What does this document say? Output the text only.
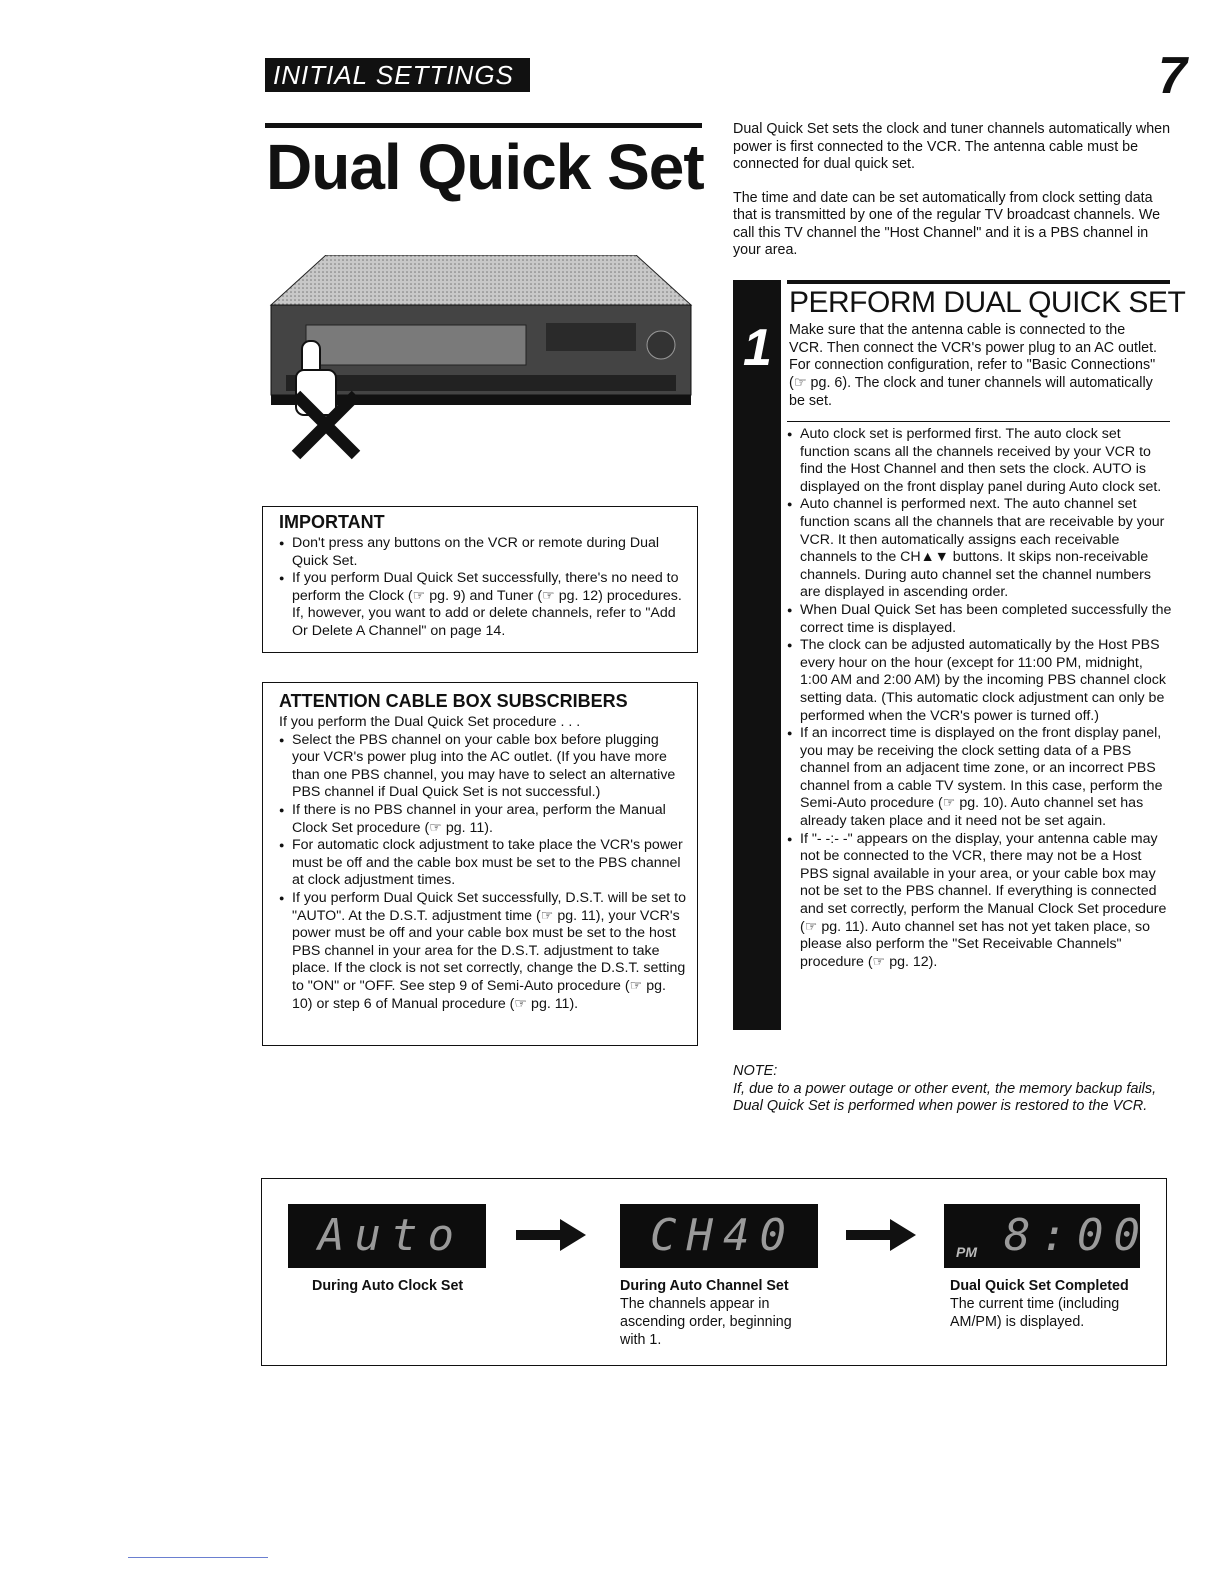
INITIAL SETTINGS	7
Dual Quick Set

Dual Quick Set sets the clock and tuner channels automatically when power is first connected to the VCR. The antenna cable must be connected for dual quick set.

The time and date can be set automatically from clock setting data that is transmitted by one of the regular TV broadcast channels. We call this TV channel the "Host Channel" and it is a PBS channel in your area.

IMPORTANT
● Don't press any buttons on the VCR or remote during Dual Quick Set.
● If you perform Dual Quick Set successfully, there's no need to perform the Clock (☞ pg. 9) and Tuner (☞ pg. 12) procedures. If, however, you want to add or delete channels, refer to "Add Or Delete A Channel" on page 14.
ATTENTION CABLE BOX SUBSCRIBERS

If you perform the Dual Quick Set procedure . . .

● Select the PBS channel on your cable box before plugging your VCR's power plug into the AC outlet. (If you have more than one PBS channel, you may have to select an alternative PBS channel if Dual Quick Set is not successful.)
● If there is no PBS channel in your area, perform the Manual Clock Set procedure (☞ pg. 11).
● For automatic clock adjustment to take place the VCR's power must be off and the cable box must be set to the PBS channel at clock adjustment times.
● If you perform Dual Quick Set successfully, D.S.T. will be set to "AUTO". At the D.S.T. adjustment time (☞ pg. 11), your VCR's power must be off and your cable box must be set to the host PBS channel in your area for the D.S.T. adjustment to take place. If the clock is not set correctly, change the D.S.T. setting to "ON" or "OFF. See step 9 of Semi-Auto procedure (☞ pg. 10) or step 6 of Manual procedure (☞ pg. 11).
1
PERFORM DUAL QUICK SET
Make sure that the antenna cable is connected to the VCR. Then connect the VCR's power plug to an AC outlet. For connection configuration, refer to "Basic Connections" (☞ pg. 6). The clock and tuner channels will automatically be set.
● Auto clock set is performed first. The auto clock set function scans all the channels received by your VCR to find the Host Channel and then sets the clock. AUTO is displayed on the front display panel during Auto clock set.
● Auto channel is performed next. The auto channel set function scans all the channels that are receivable by your VCR. It then automatically assigns each receivable channels to the CH▲▼ buttons. It skips non-receivable channels. During auto channel set the channel numbers are displayed in ascending order.
● When Dual Quick Set has been completed successfully the correct time is displayed.
● The clock can be adjusted automatically by the Host PBS every hour on the hour (except for 11:00 PM, midnight, 1:00 AM and 2:00 AM) by the incoming PBS channel clock setting data. (This automatic clock adjustment can only be performed when the VCR's power is turned off.)
● If an incorrect time is displayed on the front display panel, you may be receiving the clock setting data of a PBS channel from an adjacent time zone, or an incorrect PBS channel from a cable TV system. In this case, perform the Semi-Auto procedure (☞ pg. 10). Auto channel set has already taken place and it need not be set again.
● If "- -:- -" appears on the display, your antenna cable may not be connected to the VCR, there may not be a Host PBS signal available in your area, or your cable box may not be set to the PBS channel. If everything is connected and set correctly, perform the Manual Clock Set procedure (☞ pg. 11). Auto channel set has not yet taken place, so please also perform the "Set Receivable Channels" procedure (☞ pg. 12).
NOTE:
If, due to a power outage or other event, the memory backup fails, Dual Quick Set is performed when power is restored to the VCR.
Auto	CH40	PM 8:00
During Auto Clock Set	During Auto Channel Set
The channels appear in ascending order, beginning with 1.
Dual Quick Set Completed
The current time (including AM/PM) is displayed.
